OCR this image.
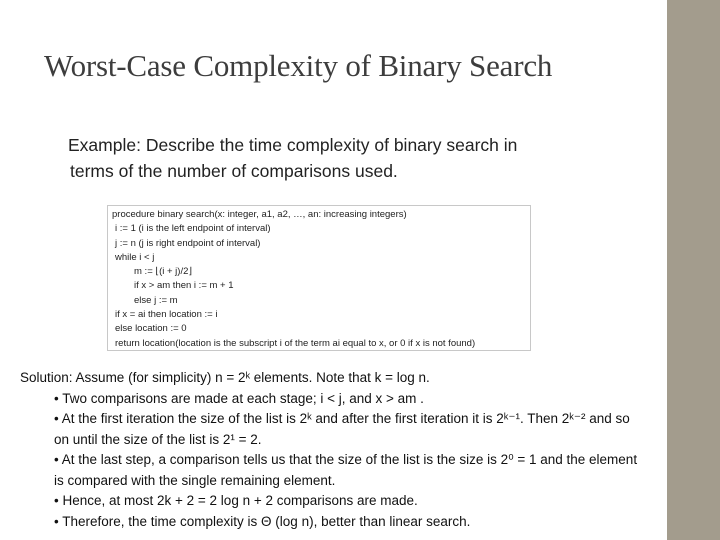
Worst-Case Complexity of Binary Search
Example: Describe the time complexity of binary search in
terms of the number of comparisons used.
procedure binary search(x: integer, a1, a2, …, an: increasing integers)
i := 1 (i is the left endpoint of interval)
j := n (j is right endpoint of interval)
while i < j
m := ⌊(i + j)/2⌋
if x > am then i := m + 1
else j := m
if x = ai then location := i
else location := 0
return location(location is the subscript i of the term ai equal to x, or 0 if x is not found)
Solution: Assume (for simplicity) n = 2ᵏ elements. Note that k = log n.
• Two comparisons are made at each stage; i < j, and x > am .
• At the first iteration the size of the list is 2ᵏ and after the first iteration it is 2ᵏ⁻¹. Then 2ᵏ⁻² and so
on until the size of the list is 2¹ = 2.
• At the last step, a comparison tells us that the size of the list is the size is 2⁰ = 1 and the element
is compared with the single remaining element.
• Hence, at most 2k + 2 = 2 log n + 2 comparisons are made.
• Therefore, the time complexity is Θ (log n), better than linear search.
